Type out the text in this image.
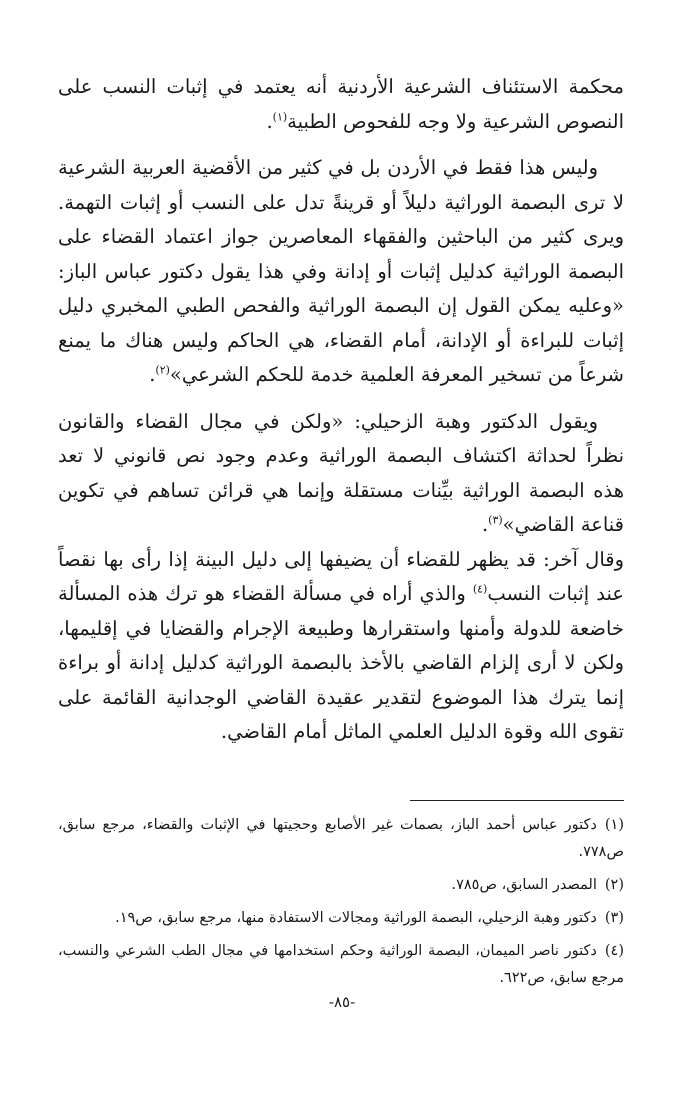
محكمة الاستئناف الشرعية الأردنية أنه يعتمد في إثبات النسب على النصوص الشرعية ولا وجه للفحوص الطبية$^{(١)}$.

وليس هذا فقط في الأردن بل في كثير من الأقضية العربية الشرعية لا ترى البصمة الوراثية دليلاً أو قرينةً تدل على النسب أو إثبات التهمة. ويرى كثير من الباحثين والفقهاء المعاصرين جواز اعتماد القضاء على البصمة الوراثية كدليل إثبات أو إدانة وفي هذا يقول دكتور عباس الباز: «وعليه يمكن القول إن البصمة الوراثية والفحص الطبي المخبري دليل إثبات للبراءة أو الإدانة، أمام القضاء، هي الحاكم وليس هناك ما يمنع شرعاً من تسخير المعرفة العلمية خدمة للحكم الشرعي»$^{(٢)}$.

ويقول الدكتور وهبة الزحيلي: «ولكن في مجال القضاء والقانون نظراً لحداثة اكتشاف البصمة الوراثية وعدم وجود نص قانوني لا تعد هذه البصمة الوراثية بيِّنات مستقلة وإنما هي قرائن تساهم في تكوين قناعة القاضي»$^{(٣)}$.

وقال آخر: قد يظهر للقضاء أن يضيفها إلى دليل البينة إذا رأى بها نقصاً عند إثبات النسب$^{(٤)}$ والذي أراه في مسألة القضاء هو ترك هذه المسألة خاضعة للدولة وأمنها واستقرارها وطبيعة الإجرام والقضايا في إقليمها، ولكن لا أرى إلزام القاضي بالأخذ بالبصمة الوراثية كدليل إدانة أو براءة إنما يترك هذا الموضوع لتقدير عقيدة القاضي الوجدانية القائمة على تقوى الله وقوة الدليل العلمي الماثل أمام القاضي.

(١)دكتور عباس أحمد الباز، بصمات غير الأصابع وحجيتها في الإثبات والقضاء، مرجع سابق، ص٧٧٨.

(٢)المصدر السابق، ص٧٨٥.

(٣)دكتور وهبة الزحيلي، البصمة الوراثية ومجالات الاستفادة منها، مرجع سابق، ص١٩.

(٤)دكتور ناصر الميمان، البصمة الوراثية وحكم استخدامها في مجال الطب الشرعي والنسب، مرجع سابق، ص٦٢٢.

-٨٥-
